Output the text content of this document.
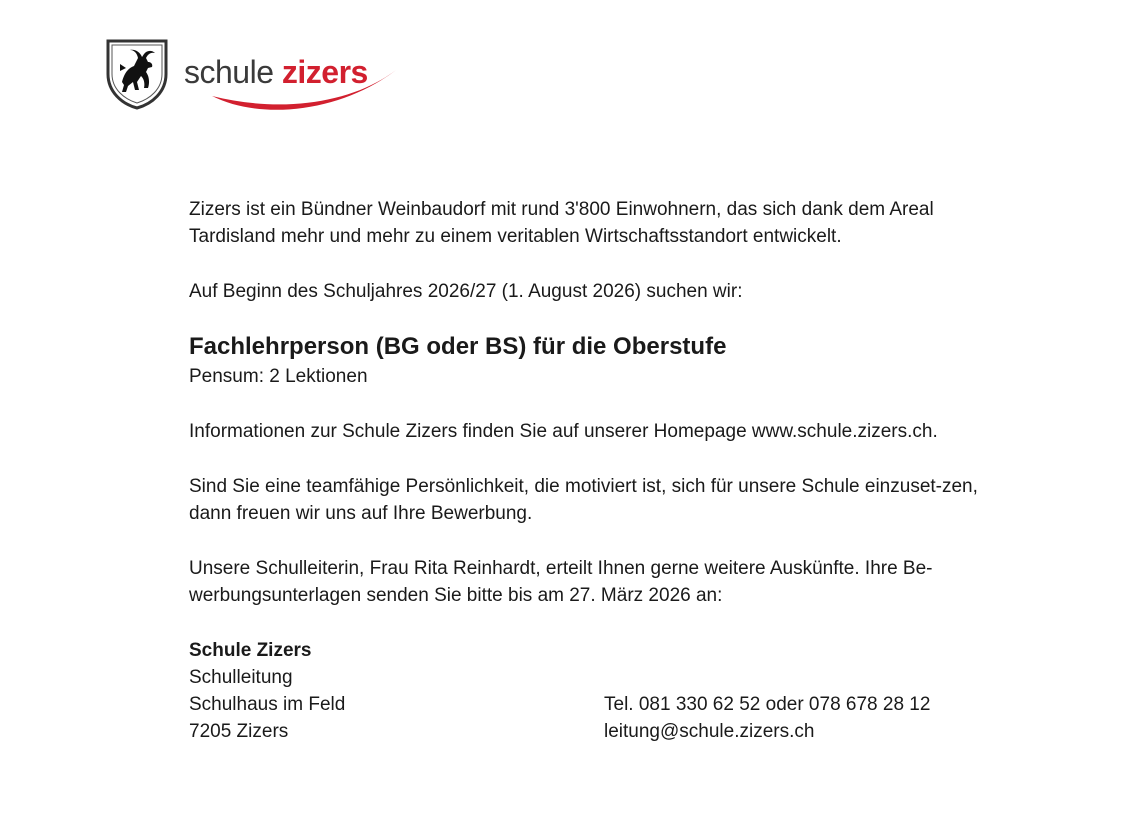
schule zizers

Zizers ist ein Bündner Weinbaudorf mit rund 3'800 Einwohnern, das sich dank dem Areal Tardisland mehr und mehr zu einem veritablen Wirtschaftsstandort entwickelt.

Auf Beginn des Schuljahres 2026/27 (1. August 2026) suchen wir:

Fachlehrperson (BG oder BS) für die Oberstufe

Pensum: 2 Lektionen

Informationen zur Schule Zizers finden Sie auf unserer Homepage www.schule.zizers.ch.

Sind Sie eine teamfähige Persönlichkeit, die motiviert ist, sich für unsere Schule einzuset-zen, dann freuen wir uns auf Ihre Bewerbung.

Unsere Schulleiterin, Frau Rita Reinhardt, erteilt Ihnen gerne weitere Auskünfte. Ihre Be-werbungsunterlagen senden Sie bitte bis am 27. März 2026 an:

Schule Zizers
Schulleitung
Schulhaus im Feld
7205 Zizers
Tel. 081 330 62 52 oder 078 678 28 12
leitung@schule.zizers.ch
